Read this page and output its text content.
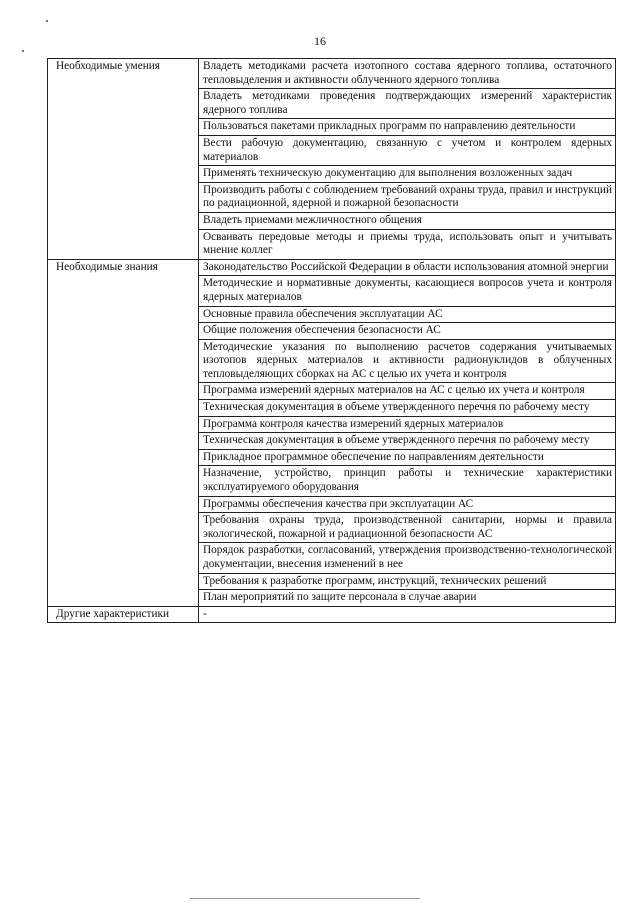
16
Необходимые умения	Владеть методиками расчета изотопного состава ядерного топлива, остаточного тепловыделения и активности облученного ядерного топлива
	Владеть методиками проведения подтверждающих измерений характеристик ядерного топлива
	Пользоваться пакетами прикладных программ по направлению деятельности
	Вести рабочую документацию, связанную с учетом и контролем ядерных материалов
	Применять техническую документацию для выполнения возложенных задач
	Производить работы с соблюдением требований охраны труда, правил и инструкций по радиационной, ядерной и пожарной безопасности
	Владеть приемами межличностного общения
	Осваивать передовые методы и приемы труда, использовать опыт и учитывать мнение коллег
Необходимые знания	Законодательство Российской Федерации в области использования атомной энергии
	Методические и нормативные документы, касающиеся вопросов учета и контроля ядерных материалов
	Основные правила обеспечения эксплуатации АС
	Общие положения обеспечения безопасности АС
	Методические указания по выполнению расчетов содержания учитываемых изотопов ядерных материалов и активности радионуклидов в облученных тепловыделяющих сборках на АС с целью их учета и контроля
	Программа измерений ядерных материалов на АС с целью их учета и контроля
	Техническая документация в объеме утвержденного перечня по рабочему месту
	Программа контроля качества измерений ядерных материалов
	Техническая документация в объеме утвержденного перечня по рабочему месту
	Прикладное программное обеспечение по направлениям деятельности
	Назначение, устройство, принцип работы и технические характеристики эксплуатируемого оборудования
	Программы обеспечения качества при эксплуатации АС
	Требования охраны труда, производственной санитарии, нормы и правила экологической, пожарной и радиационной безопасности АС
	Порядок разработки, согласований, утверждения производственно-технологической документации, внесения изменений в нее
	Требования к разработке программ, инструкций, технических решений
	План мероприятий по защите персонала в случае аварии
Другие характеристики	-
